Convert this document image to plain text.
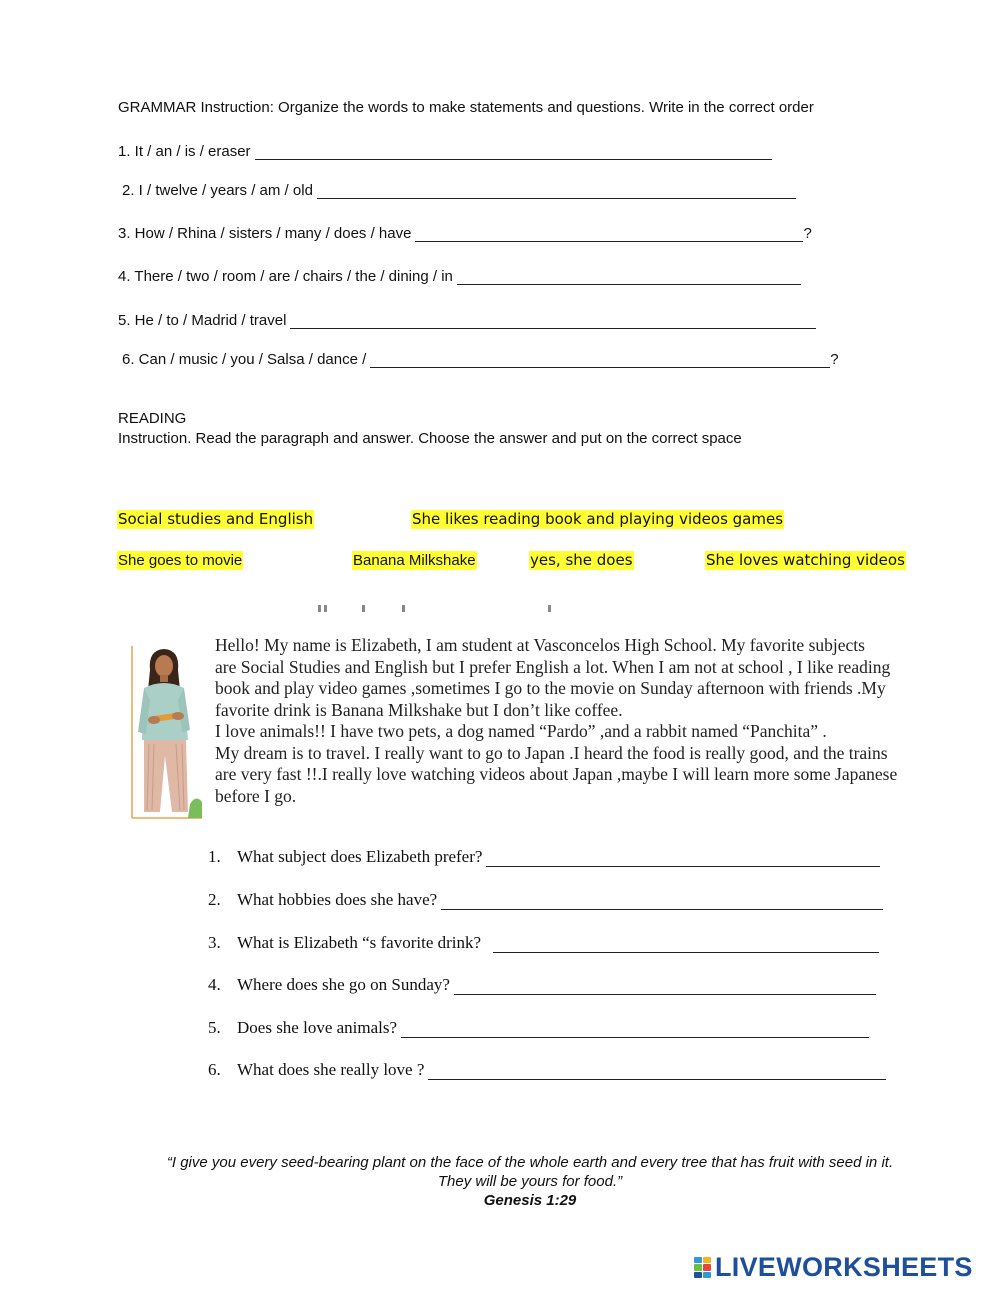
GRAMMAR Instruction: Organize the words to make statements and questions. Write in the correct order
1. It / an / is / eraser
2. I / twelve / years / am / old
3. How / Rhina / sisters / many / does / have	?
4. There / two / room / are / chairs / the / dining / in
5. He / to / Madrid / travel
6. Can / music / you / Salsa / dance /	?
READING
Instruction. Read the paragraph and answer. Choose the answer and put on the correct space
Social studies and English	She likes reading book and playing videos games
She goes to movie	Banana Milkshake	yes, she does	She loves watching videos
Hello! My name is Elizabeth, I am student at Vasconcelos High School. My favorite subjects
are Social Studies and English but I prefer English a lot. When I am not at school , I like reading
book and play video games ,sometimes I go to the movie on Sunday afternoon with friends .My
favorite drink is Banana Milkshake but I don’t like coffee.
I love animals!! I have two pets, a dog named “Pardo” ,and a rabbit named “Panchita” .
My dream is to travel. I really want to go to Japan .I heard the food is really good, and the trains
are very fast !!.I really love watching videos about Japan ,maybe I will learn more some Japanese
before I go.
1. What subject does Elizabeth prefer?
2. What hobbies does she have?
3. What is Elizabeth “s favorite drink?
4. Where does she go on Sunday?
5. Does she love animals?
6. What does she really love ?
“I give you every seed-bearing plant on the face of the whole earth and every tree that has fruit with seed in it.
They will be yours for food.”
Genesis 1:29
LIVEWORKSHEETS
